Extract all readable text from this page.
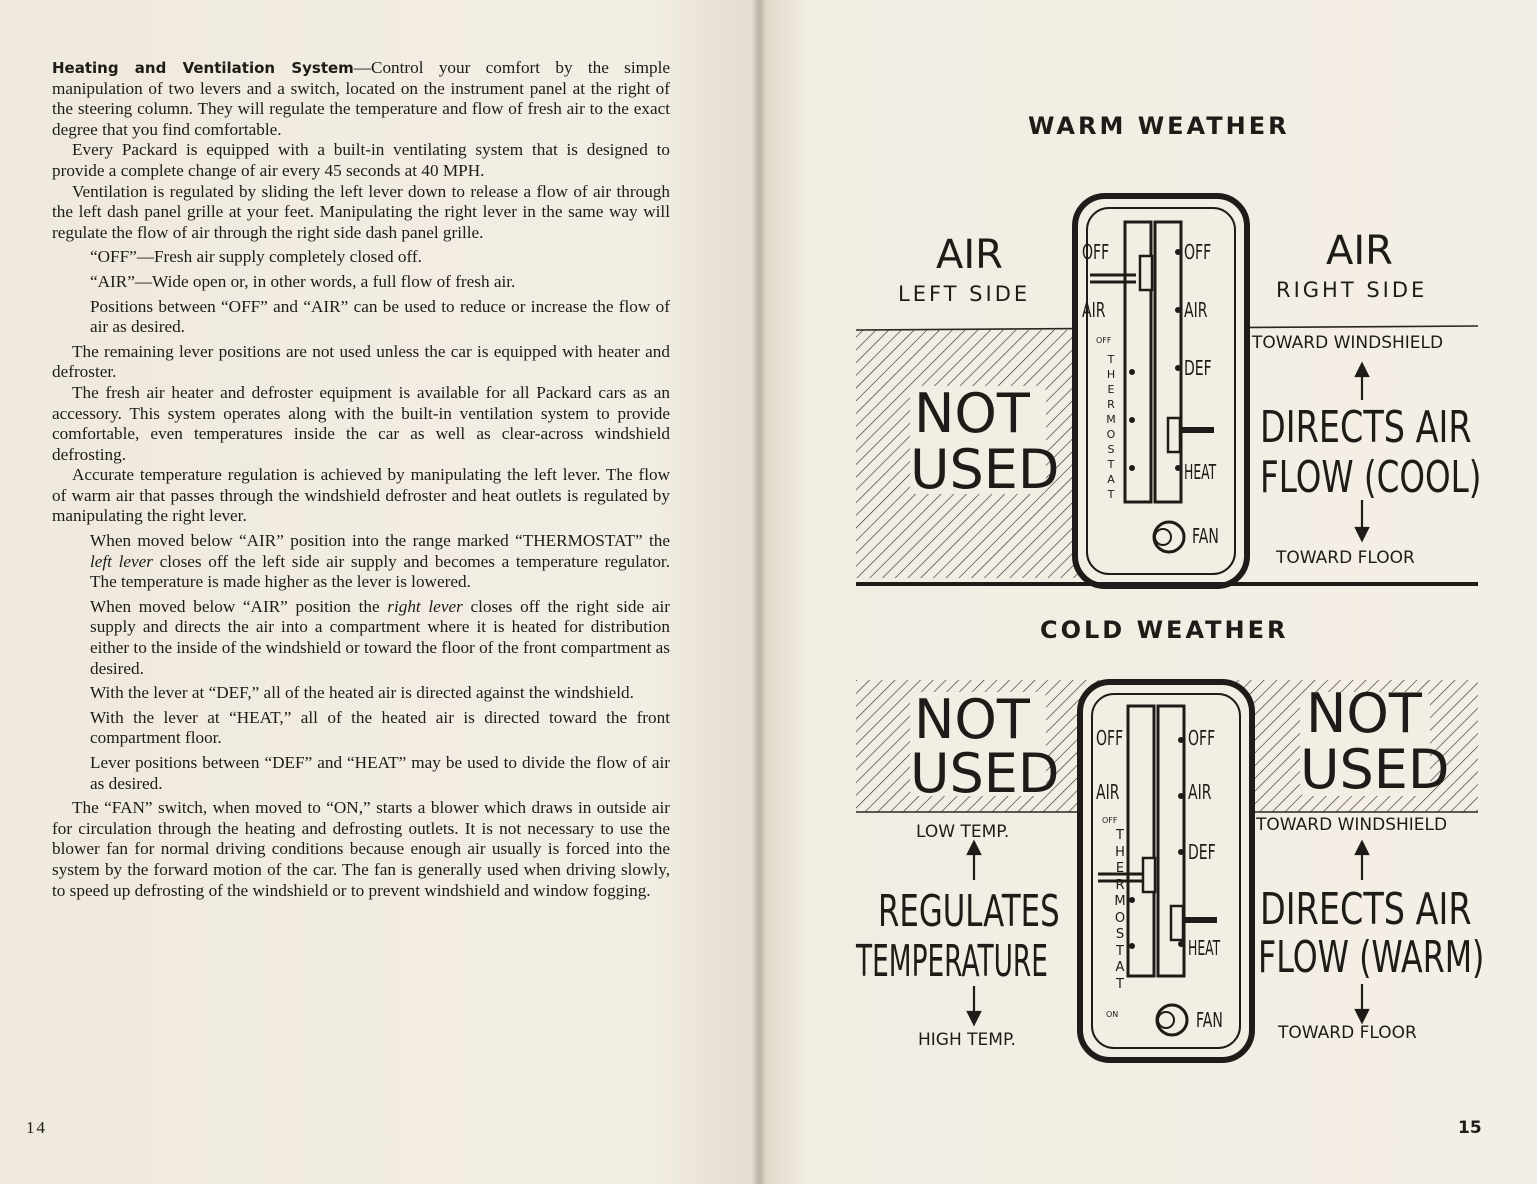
Heating and Ventilation System—Control your comfort by the simple manipulation of two levers and a switch, located on the instrument panel at the right of the steering column. They will regulate the temperature and flow of fresh air to the exact degree that you find comfortable.

Every Packard is equipped with a built-in ventilating system that is designed to provide a complete change of air every 45 seconds at 40 MPH.

Ventilation is regulated by sliding the left lever down to release a flow of air through the left dash panel grille at your feet. Manipulating the right lever in the same way will regulate the flow of air through the right side dash panel grille.

“OFF”—Fresh air supply completely closed off.

“AIR”—Wide open or, in other words, a full flow of fresh air.

Positions between “OFF” and “AIR” can be used to reduce or increase the flow of air as desired.

The remaining lever positions are not used unless the car is equipped with heater and defroster.

The fresh air heater and defroster equipment is available for all Packard cars as an accessory. This system operates along with the built-in ventilation system to provide comfortable, even temperatures inside the car as well as clear-across windshield defrosting.

Accurate temperature regulation is achieved by manipulating the left lever. The flow of warm air that passes through the windshield defroster and heat outlets is regulated by manipulating the right lever.

When moved below “AIR” position into the range marked “THERMOSTAT” the left lever closes off the left side air supply and becomes a temperature regulator. The temperature is made higher as the lever is lowered.

When moved below “AIR” position the right lever closes off the right side air supply and directs the air into a compartment where it is heated for distribution either to the inside of the windshield or toward the floor of the front compartment as desired.

With the lever at “DEF,” all of the heated air is directed against the windshield.

With the lever at “HEAT,” all of the heated air is directed toward the front compartment floor.

Lever positions between “DEF” and “HEAT” may be used to divide the flow of air as desired.

The “FAN” switch, when moved to “ON,” starts a blower which draws in outside air for circulation through the heating and defrosting outlets. It is not necessary to use the blower fan for normal driving conditions because enough air usually is forced into the system by the forward motion of the car. The fan is generally used when driving slowly, to speed up defrosting of the windshield or to prevent windshield and window fogging.

14
WARM WEATHER
COLD WEATHER
AIR
LEFT SIDE
AIR
RIGHT SIDE
NOT
USED
TOWARD WINDSHIELD
DIRECTS AIR
FLOW (COOL)
TOWARD FLOOR
NOT
USED
NOT
USED
LOW TEMP.
REGULATES
TEMPERATURE
HIGH TEMP.
TOWARD WINDSHIELD
DIRECTS AIR
FLOW (WARM)
TOWARD FLOOR
OFF
AIR
OFF
AIR
DEF
HEAT
FAN
OFF
T
H
E
R
M
O
S
T
A
T
OFF
AIR
OFF
AIR
DEF
HEAT
FAN
OFF
ON
T
H
E
R
M
O
S
T
A
T
15
